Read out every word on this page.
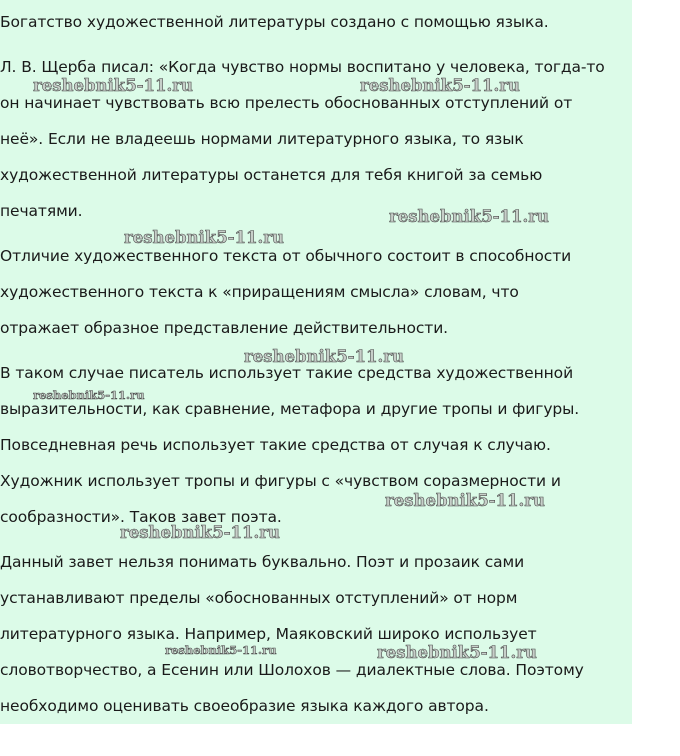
Богатство художественной литературы создано с помощью языка.
Л. В. Щерба писал: «Когда чувство нормы воспитано у человека, тогда-то
он начинает чувствовать всю прелесть обоснованных отступлений от
неё». Если не владеешь нормами литературного языка, то язык
художественной литературы останется для тебя книгой за семью
печатями.
Отличие художественного текста от обычного состоит в способности
художественного текста к «приращениям смысла» словам, что
отражает образное представление действительности.
В таком случае писатель использует такие средства художественной
выразительности, как сравнение, метафора и другие тропы и фигуры.
Повседневная речь использует такие средства от случая к случаю.
Художник использует тропы и фигуры с «чувством соразмерности и
сообразности». Таков завет поэта.
Данный завет нельзя понимать буквально. Поэт и прозаик сами
устанавливают пределы «обоснованных отступлений» от норм
литературного языка. Например, Маяковский широко использует
словотворчество, а Есенин или Шолохов — диалектные слова. Поэтому
необходимо оценивать своеобразие языка каждого автора.
reshebnik5-11.ru	reshebnik5-11.ru
reshebnik5-11.ru
reshebnik5-11.ru
reshebnik5-11.ru
reshebnik5-11.ru
reshebnik5-11.ru
reshebnik5-11.ru
reshebnik5-11.ru	reshebnik5-11.ru
